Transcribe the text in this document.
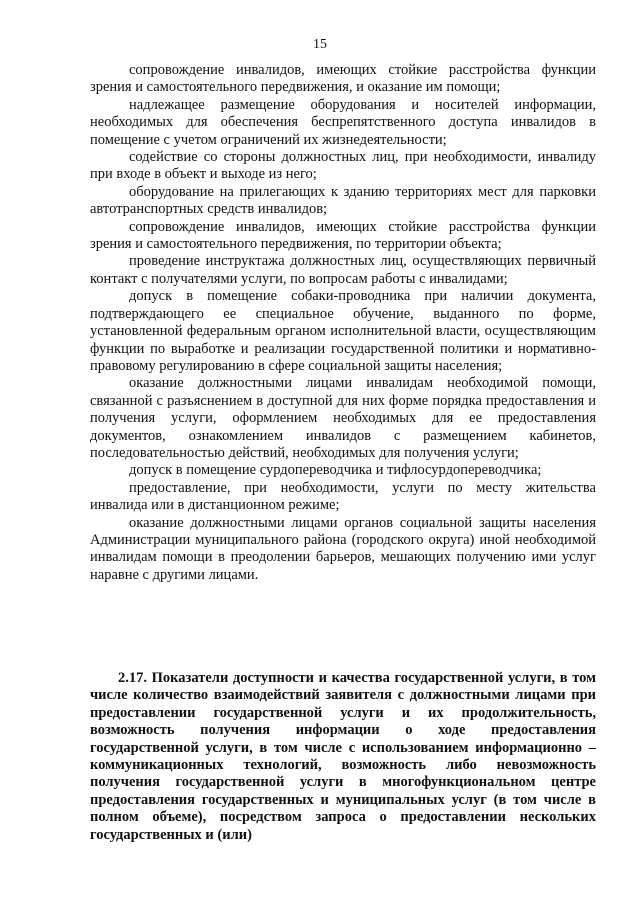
15

сопровождение инвалидов, имеющих стойкие расстройства функции зрения и самостоятельного передвижения, и оказание им помощи;

надлежащее размещение оборудования и носителей информации, необходимых для обеспечения беспрепятственного доступа инвалидов в помещение с учетом ограничений их жизнедеятельности;

содействие со стороны должностных лиц, при необходимости, инвалиду при входе в объект и выходе из него;

оборудование на прилегающих к зданию территориях мест для парковки автотранспортных средств инвалидов;

сопровождение инвалидов, имеющих стойкие расстройства функции зрения и самостоятельного передвижения, по территории объекта;

проведение инструктажа должностных лиц, осуществляющих первичный контакт с получателями услуги, по вопросам работы с инвалидами;

допуск в помещение собаки-проводника при наличии документа, подтверждающего ее специальное обучение, выданного по форме, установленной федеральным органом исполнительной власти, осуществляющим функции по выработке и реализации государственной политики и нормативно-правовому регулированию в сфере социальной защиты населения;

оказание должностными лицами инвалидам необходимой помощи, связанной с разъяснением в доступной для них форме порядка предоставления и получения услуги, оформлением необходимых для ее предоставления документов, ознакомлением инвалидов с размещением кабинетов, последовательностью действий, необходимых для получения услуги;

допуск в помещение сурдопереводчика и тифлосурдопереводчика;

предоставление, при необходимости, услуги по месту жительства инвалида или в дистанционном режиме;

оказание должностными лицами органов социальной защиты населения Администрации муниципального района (городского округа) иной необходимой инвалидам помощи в преодолении барьеров, мешающих получению ими услуг наравне с другими лицами.

2.17. Показатели доступности и качества государственной услуги, в том числе количество взаимодействий заявителя с должностными лицами при предоставлении государственной услуги и их продолжительность, возможность получения информации о ходе предоставления государственной услуги, в том числе с использованием информационно – коммуникационных технологий, возможность либо невозможность получения государственной услуги в многофункциональном центре предоставления государственных и муниципальных услуг (в том числе в полном объеме), посредством запроса о предоставлении нескольких государственных и (или)
